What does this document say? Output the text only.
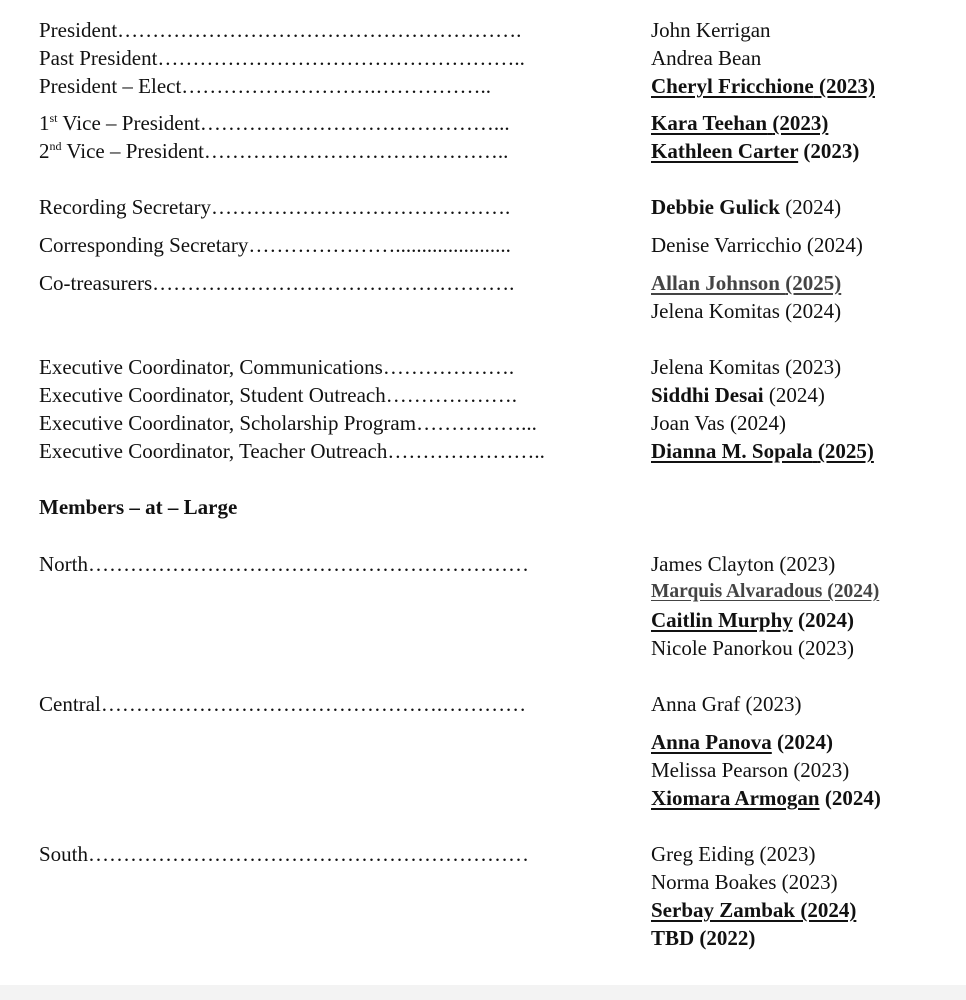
President………………………………………………….	John Kerrigan
Past President……………………………………………..	Andrea Bean
President – Elect……………………….……………..	Cheryl Fricchione (2023)
1st Vice – President……………………………………...	Kara Teehan (2023)
2nd Vice – President……………………………………..	Kathleen Carter (2023)
Recording Secretary…………………………………….	Debbie Gulick (2024)
Corresponding Secretary…………………......................	Denise Varricchio (2024)
Co-treasurers…………………………………………….	Allan Johnson (2025)
Jelena Komitas (2024)
Executive Coordinator, Communications……………….	Jelena Komitas (2023)
Executive Coordinator, Student Outreach……………….	Siddhi Desai (2024)
Executive Coordinator, Scholarship Program……………...	Joan Vas (2024)
Executive Coordinator, Teacher Outreach…………………..	Dianna M. Sopala (2025)
Members – at – Large
North………………………………………………………	James Clayton (2023)
Marquis Alvaradous (2024)
Caitlin Murphy (2024)
Nicole Panorkou (2023)
Central………………………………………….…………	Anna Graf (2023)
Anna Panova (2024)
Melissa Pearson (2023)
Xiomara Armogan (2024)
South………………………………………………………	Greg Eiding (2023)
Norma Boakes (2023)
Serbay Zambak (2024)
TBD (2022)
